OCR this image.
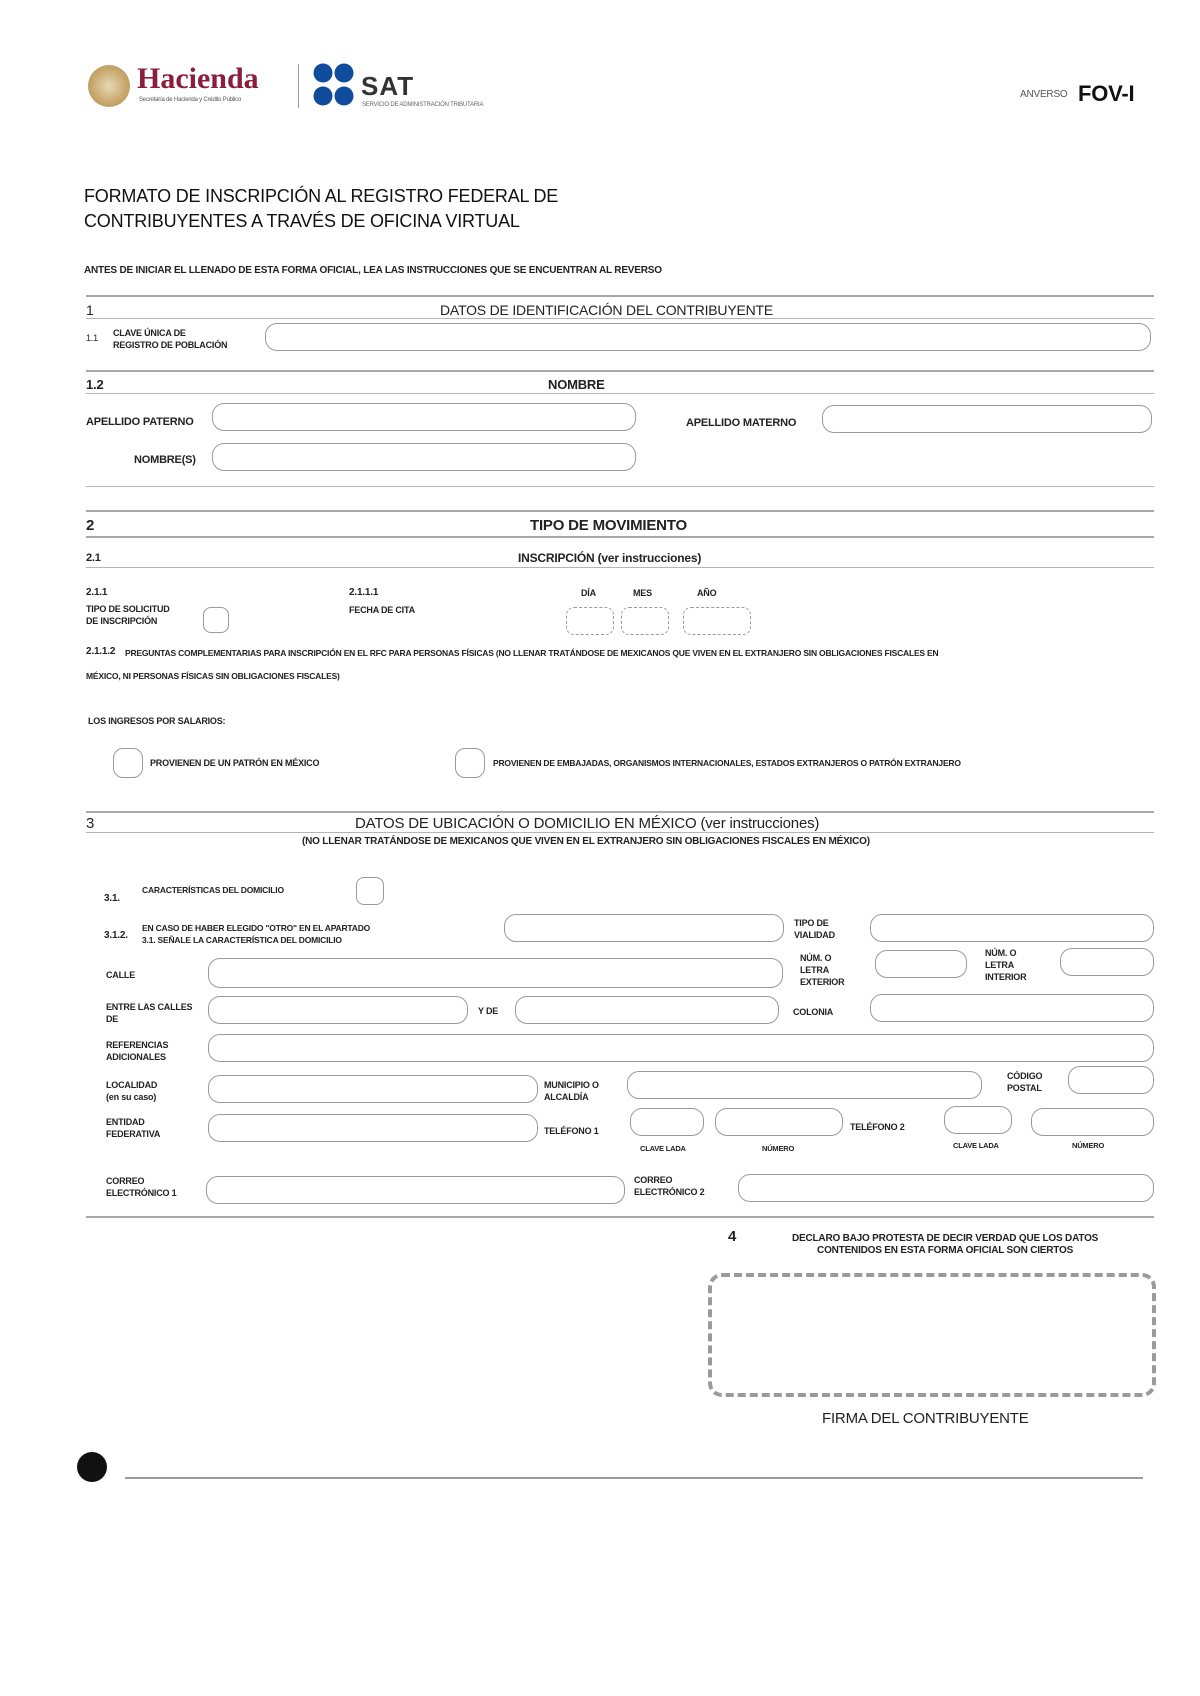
Hacienda
Secretaría de Hacienda y Crédito Público	SAT
SERVICIO DE ADMINISTRACIÓN TRIBUTARIA
ANVERSO FOV-I
FORMATO DE INSCRIPCIÓN AL REGISTRO FEDERAL DE
CONTRIBUYENTES A TRAVÉS DE OFICINA VIRTUAL
ANTES DE INICIAR EL LLENADO DE ESTA FORMA OFICIAL, LEA LAS INSTRUCCIONES QUE SE ENCUENTRAN AL REVERSO
1	DATOS DE IDENTIFICACIÓN DEL CONTRIBUYENTE
1.1 CLAVE ÚNICA DE
REGISTRO DE POBLACIÓN
1.2	NOMBRE
APELLIDO PATERNO	APELLIDO MATERNO
NOMBRE(S)
2	TIPO DE MOVIMIENTO
2.1	INSCRIPCIÓN (ver instrucciones)
2.1.1
TIPO DE SOLICITUD
DE INSCRIPCIÓN
2.1.1.1
FECHA DE CITA
DÍA	MES	AÑO
2.1.1.2 PREGUNTAS COMPLEMENTARIAS PARA INSCRIPCIÓN EN EL RFC PARA PERSONAS FÍSICAS (NO LLENAR TRATÁNDOSE DE MEXICANOS QUE VIVEN EN EL EXTRANJERO SIN OBLIGACIONES FISCALES EN
MÉXICO, NI PERSONAS FÍSICAS SIN OBLIGACIONES FISCALES)
LOS INGRESOS POR SALARIOS:
PROVIENEN DE UN PATRÓN EN MÉXICO	PROVIENEN DE EMBAJADAS, ORGANISMOS INTERNACIONALES, ESTADOS EXTRANJEROS O PATRÓN EXTRANJERO
3	DATOS DE UBICACIÓN O DOMICILIO EN MÉXICO (ver instrucciones)
(NO LLENAR TRATÁNDOSE DE MEXICANOS QUE VIVEN EN EL EXTRANJERO SIN OBLIGACIONES FISCALES EN MÉXICO)
3.1.
CARACTERÍSTICAS DEL DOMICILIO
3.1.2.
EN CASO DE HABER ELEGIDO "OTRO" EN EL APARTADO
3.1. SEÑALE LA CARACTERÍSTICA DEL DOMICILIO
TIPO DE
VIALIDAD
CALLE
NÚM. O
LETRA
EXTERIOR
NÚM. O
LETRA
INTERIOR
ENTRE LAS CALLES
DE
Y DE	COLONIA
REFERENCIAS
ADICIONALES
LOCALIDAD
(en su caso)
MUNICIPIO O
ALCALDÍA
CÓDIGO
POSTAL
ENTIDAD
FEDERATIVA	TELÉFONO 1
CLAVE LADA	NÚMERO
TELÉFONO 2
CLAVE LADA	NÚMERO
CORREO
ELECTRÓNICO 1
CORREO
ELECTRÓNICO 2
4	DECLARO BAJO PROTESTA DE DECIR VERDAD QUE LOS DATOS
CONTENIDOS EN ESTA FORMA OFICIAL SON CIERTOS
FIRMA DEL CONTRIBUYENTE
